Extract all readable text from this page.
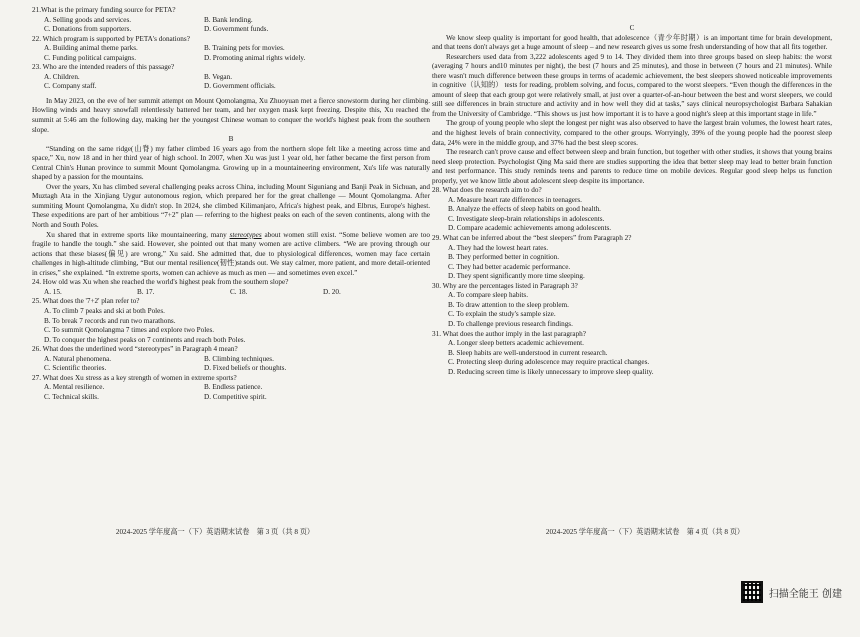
21.What is the primary funding source for PETA?
A. Selling goods and services.	B. Bank lending.
C. Donations from supporters.	D. Government funds.
22. Which program is supported by PETA's donations?
A. Building animal theme parks.	B. Training pets for movies.
C. Funding political campaigns.	D. Promoting animal rights widely.
23. Who are the intended readers of this passage?
A. Children.	B. Vegan.
C. Company staff.	D. Government officials.

In May 2023, on the eve of her summit attempt on Mount Qomolangma, Xu Zhuoyuan met a fierce snowstorm during her climbing. Howling winds and heavy snowfall relentlessly battered her team, and her oxygen mask kept freezing. Despite this, Xu reached the summit at 5:46 am the following day, making her the youngest Chinese woman to conquer the world's highest peak from the southern slope.

B

“Standing on the same ridge(山脊) my father climbed 16 years ago from the northern slope felt like a meeting across time and space,” Xu, now 18 and in her third year of high school. In 2007, when Xu was just 1 year old, her father became the first person from Central Chin's Hunan province to summit Mount Qomolangma. Growing up in a mountaineering environment, Xu's life was naturally shaped by a passion for the mountains.

Over the years, Xu has climbed several challenging peaks across China, including Mount Siguniang and Banji Peak in Sichuan, and Muztagh Ata in the Xinjiang Uygur autonomous region, which prepared her for the great challenge — Mount Qomolangma. After summiting Mount Qomolangma, Xu didn't stop. In 2024, she climbed Kilimanjaro, Africa's highest peak, and Elbrus, Europe's highest. These expeditions are part of her ambitious “7+2” plan — referring to the highest peaks on each of the seven continents, along with the North and South Poles.

Xu shared that in extreme sports like mountaineering, many stereotypes about women still exist. “Some believe women are too fragile to handle the tough.” she said. However, she pointed out that many women are active climbers. “We are proving through our actions that these biases(偏见) are wrong,” Xu said. She admitted that, due to physiological differences, women may face certain challenges in high-altitude climbing, “But our mental resilience(韧性)stands out. We stay calmer, more patient, and more detail-oriented in crises,” she explained. “In extreme sports, women can achieve as much as men — and sometimes even excel.”

24. How old was Xu when she reached the world's highest peak from the southern slope?
A. 15.	B. 17.	C. 18.	D. 20.
25. What does the '7+2' plan refer to?
A. To climb 7 peaks and ski at both Poles.
B. To break 7 records and run two marathons.
C. To summit Qomolangma 7 times and explore two Poles.
D. To conquer the highest peaks on 7 continents and reach both Poles.
26. What does the underlined word “stereotypes” in Paragraph 4 mean?
A. Natural phenomena.	B. Climbing techniques.
C. Scientific theories.	D. Fixed beliefs or thoughts.
27. What does Xu stress as a key strength of women in extreme sports?
A. Mental resilience.	B. Endless patience.
C. Technical skills.	D. Competitive spirit.
2024-2025 学年度高一（下）英语期末试卷　第 3 页（共 8 页）
C

We know sleep quality is important for good health, that adolescence（青少年时期）is an important time for brain development, and that teens don't always get a huge amount of sleep – and new research gives us some fresh understanding of how that all fits together.

Researchers used data from 3,222 adolescents aged 9 to 14. They divided them into three groups based on sleep habits: the worst (averaging 7 hours and10 minutes per night), the best (7 hours and 25 minutes), and those in between (7 hours and 21 minutes). While there wasn't much difference between these groups in terms of academic achievement, the best sleepers showed noticeable improvements in cognitive（认知的） tests for reading, problem solving, and focus, compared to the worst sleepers. “Even though the differences in the amount of sleep that each group got were relatively small, at just over a quarter-of-an-hour between the best and worst sleepers, we could still see differences in brain structure and activity and in how well they did at tasks,” says clinical neuropsychologist Barbara Sahakian from the University of Cambridge. “This shows us just how important it is to have a good night's sleep at this important stage in life.”

The group of young people who slept the longest per night was also observed to have the largest brain volumes, the lowest heart rates, and the highest levels of brain connectivity, compared to the other groups. Worryingly, 39% of the young people had the poorest sleep data, 24% were in the middle group, and 37% had the best sleep scores.

The research can't prove cause and effect between sleep and brain function, but together with other studies, it shows that young brains need sleep protection. Psychologist Qing Ma said there are studies supporting the idea that better sleep may lead to better brain function and test performance. This study reminds teens and parents to reduce time on mobile devices. Regular good sleep helps us function properly, yet we know little about adolescent sleep despite its importance.

28. What does the research aim to do?
A. Measure heart rate differences in teenagers.
B. Analyze the effects of sleep habits on good health.
C. Investigate sleep-brain relationships in adolescents.
D. Compare academic achievements among adolescents.
29. What can be inferred about the “best sleepers” from Paragraph 2?
A. They had the lowest heart rates.
B. They performed better in cognition.
C. They had better academic performance.
D. They spent significantly more time sleeping.
30. Why are the percentages listed in Paragraph 3?
A. To compare sleep habits.
B. To draw attention to the sleep problem.
C. To explain the study's sample size.
D. To challenge previous research findings.
31. What does the author imply in the last paragraph?
A. Longer sleep betters academic achievement.
B. Sleep habits are well-understood in current research.
C. Protecting sleep during adolescence may require practical changes.
D. Reducing screen time is likely unnecessary to improve sleep quality.
2024-2025 学年度高一（下）英语期末试卷　第 4 页（共 8 页）
扫描全能王 创建
